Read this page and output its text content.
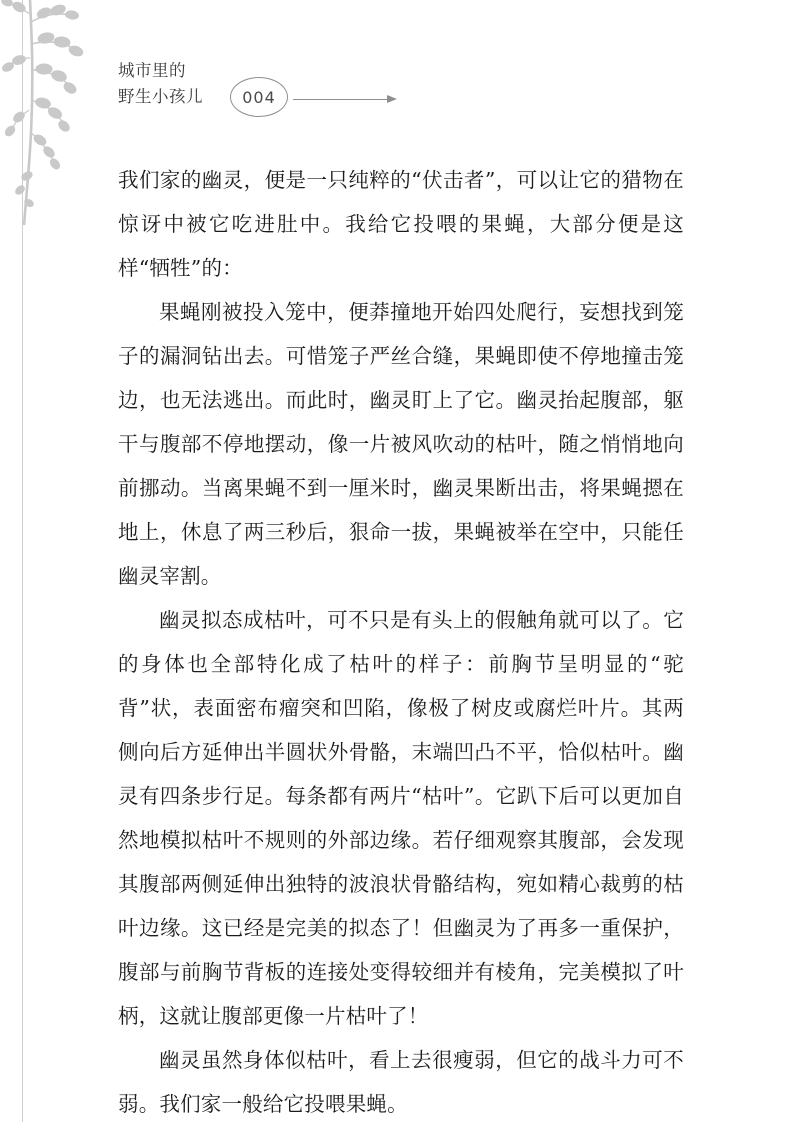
城市里的
野生小孩儿	004

我们家的幽灵，便是一只纯粹的“伏击者”，可以让它的猎物在惊讶中被它吃进肚中。我给它投喂的果蝇，大部分便是这样“牺牲”的：

果蝇刚被投入笼中，便莽撞地开始四处爬行，妄想找到笼子的漏洞钻出去。可惜笼子严丝合缝，果蝇即使不停地撞击笼边，也无法逃出。而此时，幽灵盯上了它。幽灵抬起腹部，躯干与腹部不停地摆动，像一片被风吹动的枯叶，随之悄悄地向前挪动。当离果蝇不到一厘米时，幽灵果断出击，将果蝇摁在地上，休息了两三秒后，狠命一拔，果蝇被举在空中，只能任幽灵宰割。

幽灵拟态成枯叶，可不只是有头上的假触角就可以了。它的身体也全部特化成了枯叶的样子：前胸节呈明显的“驼背”状，表面密布瘤突和凹陷，像极了树皮或腐烂叶片。其两侧向后方延伸出半圆状外骨骼，末端凹凸不平，恰似枯叶。幽灵有四条步行足。每条都有两片“枯叶”。它趴下后可以更加自然地模拟枯叶不规则的外部边缘。若仔细观察其腹部，会发现其腹部两侧延伸出独特的波浪状骨骼结构，宛如精心裁剪的枯叶边缘。这已经是完美的拟态了！但幽灵为了再多一重保护，腹部与前胸节背板的连接处变得较细并有棱角，完美模拟了叶柄，这就让腹部更像一片枯叶了！

幽灵虽然身体似枯叶，看上去很瘦弱，但它的战斗力可不弱。我们家一般给它投喂果蝇。
